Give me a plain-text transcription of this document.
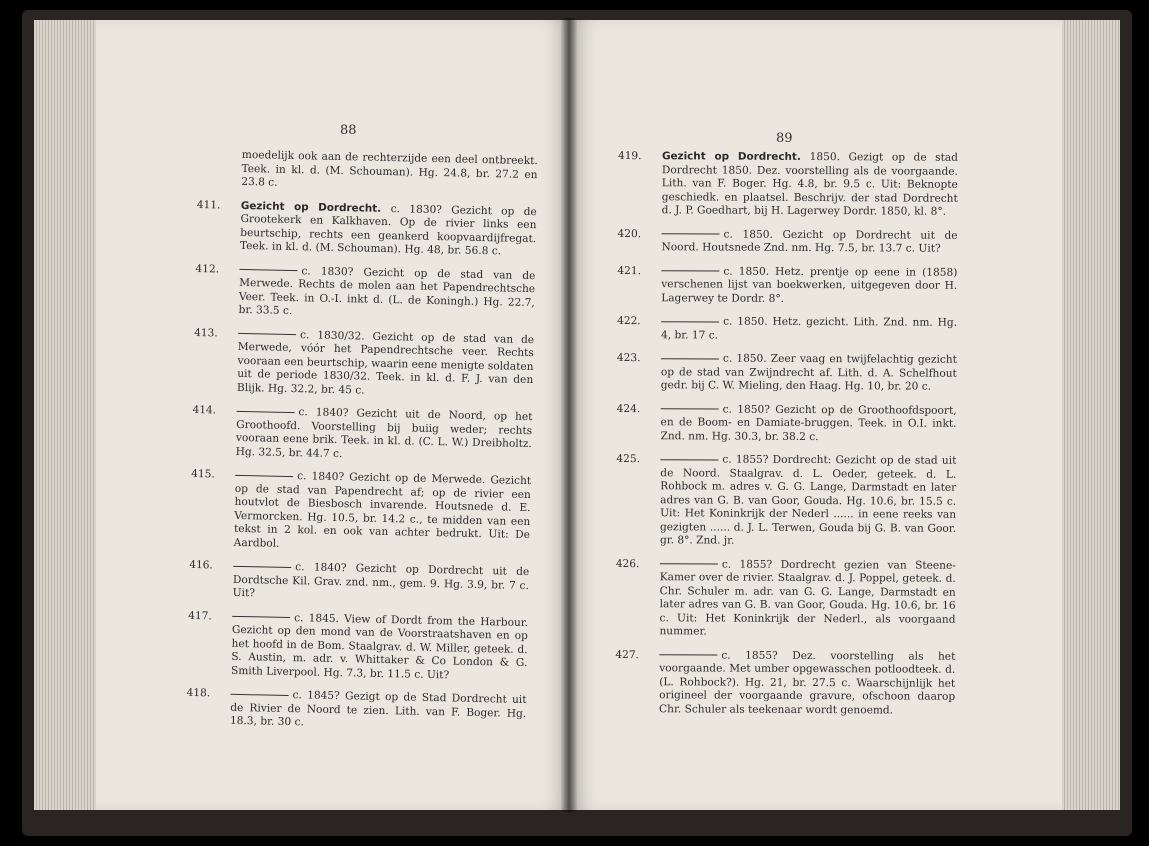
88
moedelijk ook aan de rechterzijde een deel ontbreekt. Teek. in kl. d. (M. Schouman). Hg. 24.8, br. 27.2 en 23.8 c.
411. Gezicht op Dordrecht. c. 1830? Gezicht op de Grootekerk en Kalkhaven. Op de rivier links een beurtschip, rechts een geankerd koopvaardijfregat. Teek. in kl. d. (M. Schouman). Hg. 48, br. 56.8 c.
412.	c. 1830? Gezicht op de stad van de Merwede. Rechts de molen aan het Papendrechtsche Veer. Teek. in O.-I. inkt d. (L. de Koningh.) Hg. 22.7, br. 33.5 c.
413.	c. 1830/32. Gezicht op de stad van de Merwede, vóór het Papendrechtsche veer. Rechts vooraan een beurtschip, waarin eene menigte soldaten uit de periode 1830/32. Teek. in kl. d. F. J. van den Blijk. Hg. 32.2, br. 45 c.
414.	c. 1840? Gezicht uit de Noord, op het Groothoofd. Voorstelling bij buiig weder; rechts vooraan eene brik. Teek. in kl. d. (C. L. W.) Dreibholtz. Hg. 32.5, br. 44.7 c.
415.	c. 1840? Gezicht op de Merwede. Gezicht op de stad van Papendrecht af; op de rivier een houtvlot de Biesbosch invarende. Houtsnede d. E. Vermorcken. Hg. 10.5, br. 14.2 c., te midden van een tekst in 2 kol. en ook van achter bedrukt. Uit: De Aardbol.
416.	c. 1840? Gezicht op Dordrecht uit de Dordtsche Kil. Grav. znd. nm., gem. 9. Hg. 3.9, br. 7 c. Uit?
417.	c. 1845. View of Dordt from the Harbour. Gezicht op den mond van de Voorstraatshaven en op het hoofd in de Bom. Staalgrav. d. W. Miller, geteek. d. S. Austin, m. adr. v. Whittaker & Co London & G. Smith Liverpool. Hg. 7.3, br. 11.5 c. Uit?
418.	c. 1845? Gezigt op de Stad Dordrecht uit de Rivier de Noord te zien. Lith. van F. Boger. Hg. 18.3, br. 30 c.
89
419. Gezicht op Dordrecht. 1850. Gezigt op de stad Dordrecht 1850. Dez. voorstelling als de voorgaande. Lith. van F. Boger. Hg. 4.8, br. 9.5 c. Uit: Beknopte geschiedk. en plaatsel. Beschrijv. der stad Dordrecht d. J. P. Goedhart, bij H. Lagerwey Dordr. 1850, kl. 8°.
420.	c. 1850. Gezicht op Dordrecht uit de Noord. Houtsnede Znd. nm. Hg. 7.5, br. 13.7 c. Uit?
421.	c. 1850. Hetz. prentje op eene in (1858) verschenen lijst van boekwerken, uitgegeven door H. Lagerwey te Dordr. 8°.
422.	c. 1850. Hetz. gezicht. Lith. Znd. nm. Hg. 4, br. 17 c.
423.	c. 1850. Zeer vaag en twijfelachtig gezicht op de stad van Zwijndrecht af. Lith. d. A. Schelfhout gedr. bij C. W. Mieling, den Haag. Hg. 10, br. 20 c.
424.	c. 1850? Gezicht op de Groothoofdspoort, en de Boom- en Damiate-bruggen. Teek. in O.I. inkt. Znd. nm. Hg. 30.3, br. 38.2 c.
425.	c. 1855? Dordrecht: Gezicht op de stad uit de Noord. Staalgrav. d. L. Oeder, geteek. d. L. Rohbock m. adres v. G. G. Lange, Darmstadt en later adres van G. B. van Goor, Gouda. Hg. 10.6, br. 15.5 c. Uit: Het Koninkrijk der Nederl ...... in eene reeks van gezigten ...... d. J. L. Terwen, Gouda bij G. B. van Goor. gr. 8°. Znd. jr.
426.	c. 1855? Dordrecht gezien van Steene-Kamer over de rivier. Staalgrav. d. J. Poppel, geteek. d. Chr. Schuler m. adr. van G. G. Lange, Darmstadt en later adres van G. B. van Goor, Gouda. Hg. 10.6, br. 16 c. Uit: Het Koninkrijk der Nederl., als voorgaand nummer.
427.	c. 1855? Dez. voorstelling als het voorgaande. Met umber opgewasschen potloodteek. d. (L. Rohbock?). Hg. 21, br. 27.5 c. Waarschijnlijk het origineel der voorgaande gravure, ofschoon daarop Chr. Schuler als teekenaar wordt genoemd.
